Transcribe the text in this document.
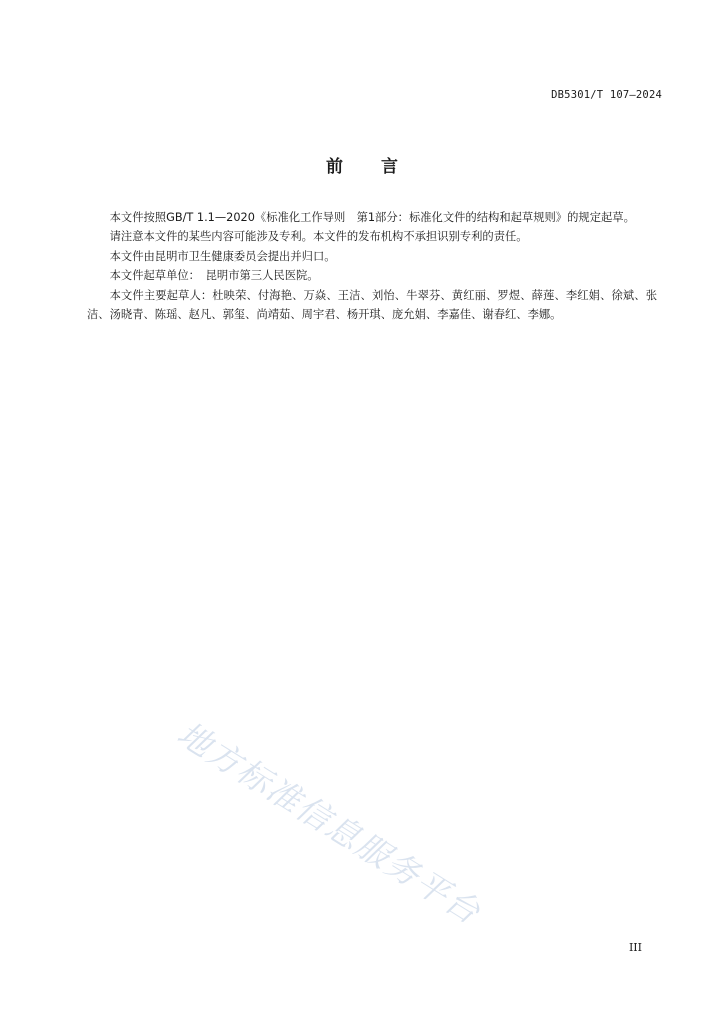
DB5301/T 107—2024
前 言

本文件按照GB/T 1.1—2020《标准化工作导则　第1部分：标准化文件的结构和起草规则》的规定起草。

请注意本文件的某些内容可能涉及专利。本文件的发布机构不承担识别专利的责任。

本文件由昆明市卫生健康委员会提出并归口。

本文件起草单位：　昆明市第三人民医院。

本文件主要起草人：杜映荣、付海艳、万焱、王洁、刘怡、牛翠芬、黄红丽、罗煜、薛莲、李红娟、徐斌、张洁、汤晓青、陈瑶、赵凡、郭玺、尚靖茹、周宇君、杨开琪、庞允娟、李嘉佳、谢春红、李娜。

地方标准信息服务平台
III
